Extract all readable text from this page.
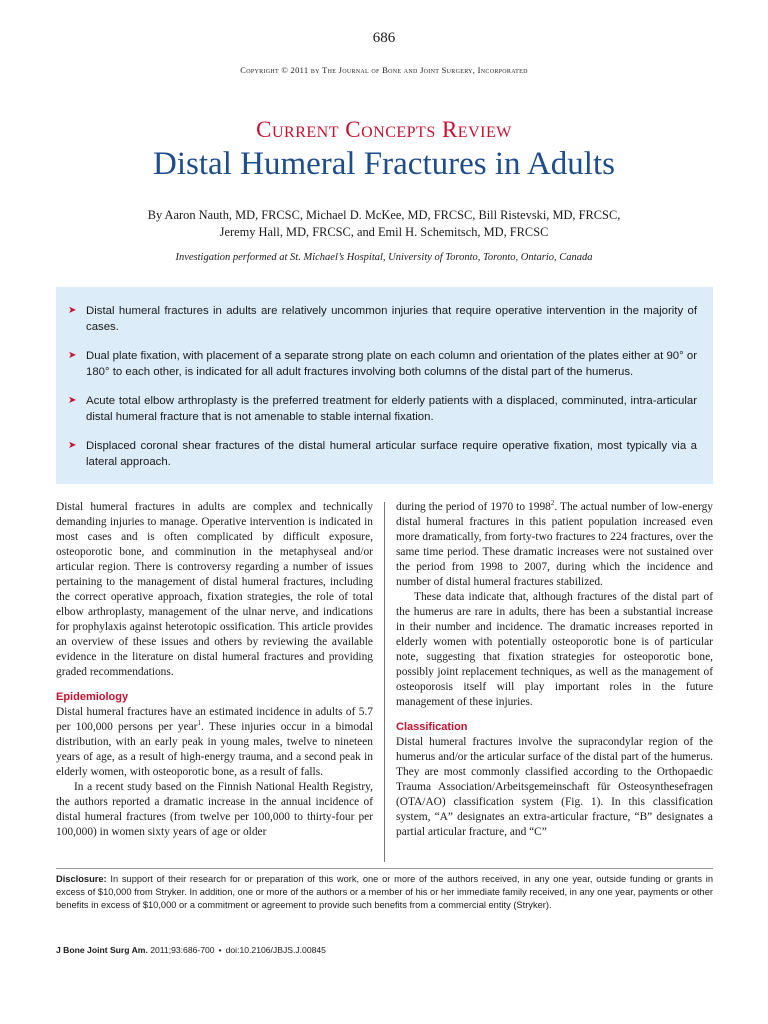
686
Copyright © 2011 by The Journal of Bone and Joint Surgery, Incorporated
Current Concepts Review
Distal Humeral Fractures in Adults
By Aaron Nauth, MD, FRCSC, Michael D. McKee, MD, FRCSC, Bill Ristevski, MD, FRCSC,
Jeremy Hall, MD, FRCSC, and Emil H. Schemitsch, MD, FRCSC
Investigation performed at St. Michael’s Hospital, University of Toronto, Toronto, Ontario, Canada
➤ Distal humeral fractures in adults are relatively uncommon injuries that require operative intervention in the majority of cases.
➤ Dual plate fixation, with placement of a separate strong plate on each column and orientation of the plates either at 90° or 180° to each other, is indicated for all adult fractures involving both columns of the distal part of the humerus.
➤ Acute total elbow arthroplasty is the preferred treatment for elderly patients with a displaced, comminuted, intra-articular distal humeral fracture that is not amenable to stable internal fixation.
➤ Displaced coronal shear fractures of the distal humeral articular surface require operative fixation, most typically via a lateral approach.

Distal humeral fractures in adults are complex and technically demanding injuries to manage. Operative intervention is indicated in most cases and is often complicated by difficult exposure, osteoporotic bone, and comminution in the metaphyseal and/or articular region. There is controversy regarding a number of issues pertaining to the management of distal humeral fractures, including the correct operative approach, fixation strategies, the role of total elbow arthroplasty, management of the ulnar nerve, and indications for prophylaxis against heterotopic ossification. This article provides an overview of these issues and others by reviewing the available evidence in the literature on distal humeral fractures and providing graded recommendations.

Epidemiology

Distal humeral fractures have an estimated incidence in adults of 5.7 per 100,000 persons per year$^1$. These injuries occur in a bimodal distribution, with an early peak in young males, twelve to nineteen years of age, as a result of high-energy trauma, and a second peak in elderly women, with osteoporotic bone, as a result of falls.

In a recent study based on the Finnish National Health Registry, the authors reported a dramatic increase in the annual incidence of distal humeral fractures (from twelve per 100,000 to thirty-four per 100,000) in women sixty years of age or older

during the period of 1970 to 1998$^2$. The actual number of low-energy distal humeral fractures in this patient population increased even more dramatically, from forty-two fractures to 224 fractures, over the same time period. These dramatic increases were not sustained over the period from 1998 to 2007, during which the incidence and number of distal humeral fractures stabilized.

These data indicate that, although fractures of the distal part of the humerus are rare in adults, there has been a substantial increase in their number and incidence. The dramatic increases reported in elderly women with potentially osteoporotic bone is of particular note, suggesting that fixation strategies for osteoporotic bone, possibly joint replacement techniques, as well as the management of osteoporosis itself will play important roles in the future management of these injuries.

Classification

Distal humeral fractures involve the supracondylar region of the humerus and/or the articular surface of the distal part of the humerus. They are most commonly classified according to the Orthopaedic Trauma Association/Arbeitsgemeinschaft für Osteosynthesefragen (OTA/AO) classification system (Fig. 1). In this classification system, “A” designates an extra-articular fracture, “B” designates a partial articular fracture, and “C”

Disclosure: In support of their research for or preparation of this work, one or more of the authors received, in any one year, outside funding or grants in excess of $10,000 from Stryker. In addition, one or more of the authors or a member of his or her immediate family received, in any one year, payments or other benefits in excess of $10,000 or a commitment or agreement to provide such benefits from a commercial entity (Stryker).
J Bone Joint Surg Am. 2011;93:686-700 • doi:10.2106/JBJS.J.00845
